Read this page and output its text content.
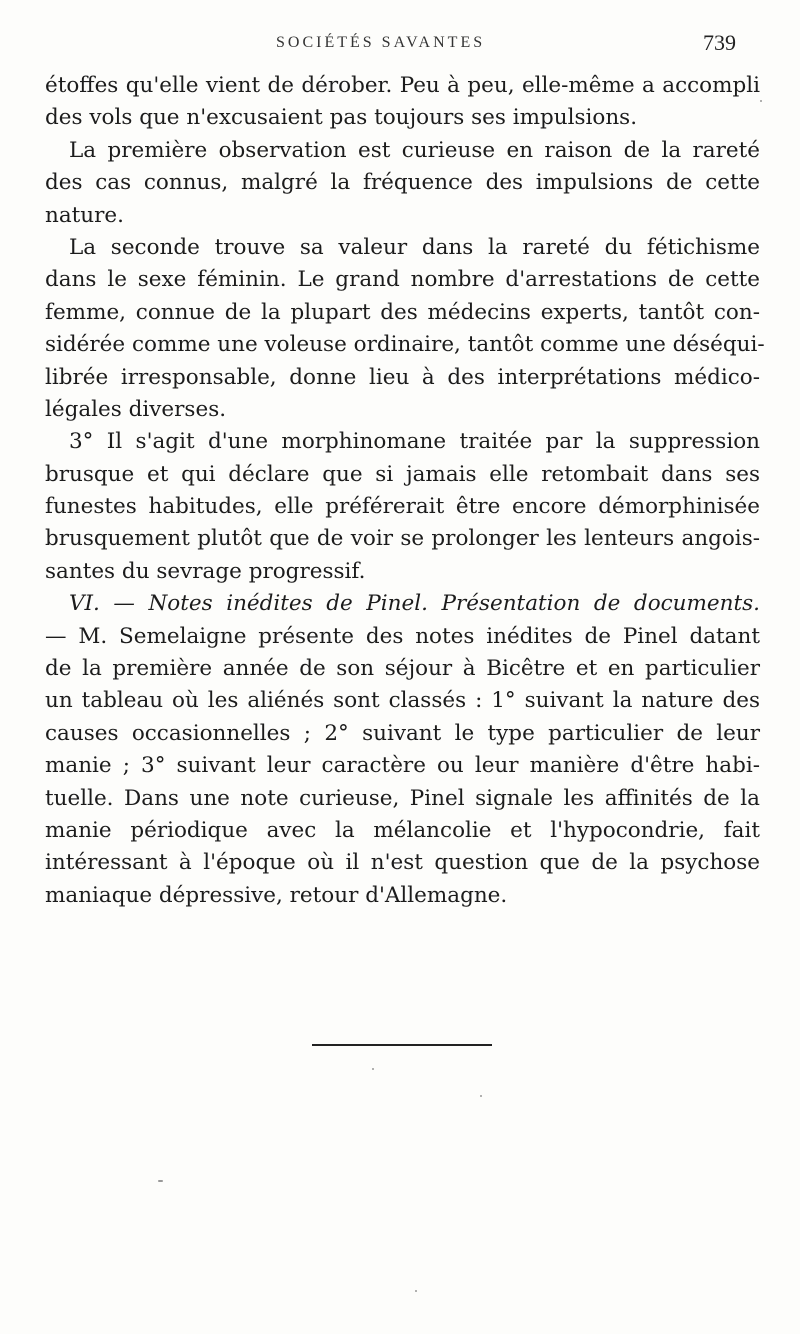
SOCIÉTÉS SAVANTES	739
étoffes qu'elle vient de dérober. Peu à peu, elle-même a accompli
des vols que n'excusaient pas toujours ses impulsions.
La première observation est curieuse en raison de la rareté
des cas connus, malgré la fréquence des impulsions de cette
nature.
La seconde trouve sa valeur dans la rareté du fétichisme
dans le sexe féminin. Le grand nombre d'arrestations de cette
femme, connue de la plupart des médecins experts, tantôt con-
sidérée comme une voleuse ordinaire, tantôt comme une déséqui-
librée irresponsable, donne lieu à des interprétations médico-
légales diverses.
3° Il s'agit d'une morphinomane traitée par la suppression
brusque et qui déclare que si jamais elle retombait dans ses
funestes habitudes, elle préférerait être encore démorphinisée
brusquement plutôt que de voir se prolonger les lenteurs angois-
santes du sevrage progressif.
VI. — Notes inédites de Pinel. Présentation de documents.
— M. Semelaigne présente des notes inédites de Pinel datant
de la première année de son séjour à Bicêtre et en particulier
un tableau où les aliénés sont classés : 1° suivant la nature des
causes occasionnelles ; 2° suivant le type particulier de leur
manie ; 3° suivant leur caractère ou leur manière d'être habi-
tuelle. Dans une note curieuse, Pinel signale les affinités de la
manie périodique avec la mélancolie et l'hypocondrie, fait
intéressant à l'époque où il n'est question que de la psychose
maniaque dépressive, retour d'Allemagne.
